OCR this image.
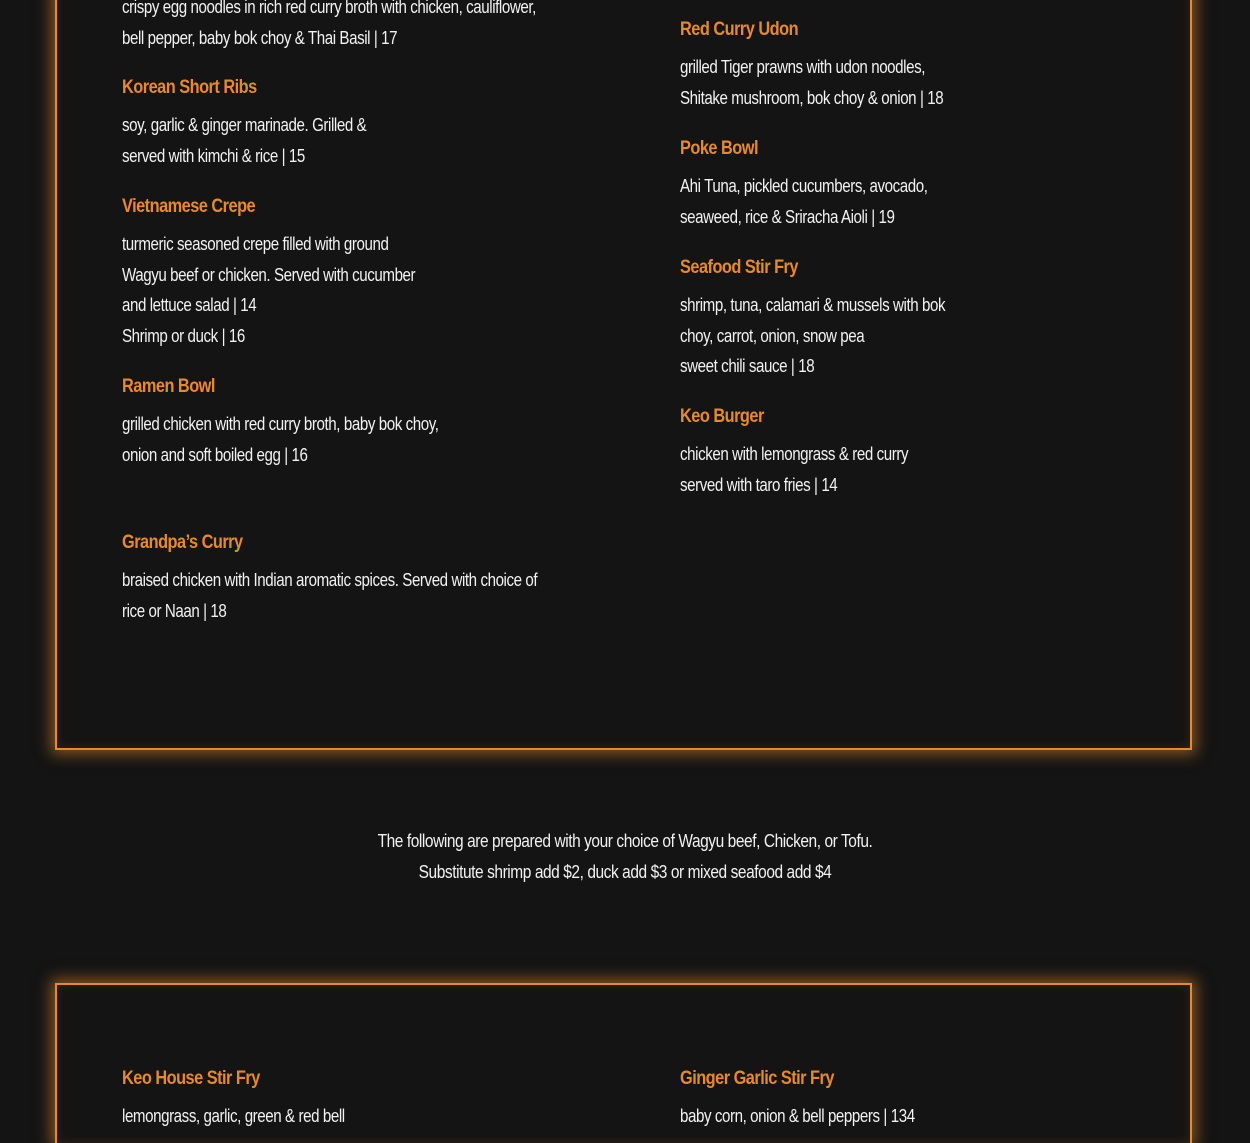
crispy egg noodles in rich red curry broth with chicken, cauliflower,
bell pepper, baby bok choy & Thai Basil | 17
Korean Short Ribs
soy, garlic & ginger marinade. Grilled &
served with kimchi & rice | 15
Vietnamese Crepe
turmeric seasoned crepe filled with ground
Wagyu beef or chicken. Served with cucumber
and lettuce salad | 14
Shrimp or duck | 16
Ramen Bowl
grilled chicken with red curry broth, baby bok choy,
onion and soft boiled egg | 16
Grandpa’s Curry
braised chicken with Indian aromatic spices. Served with choice of
rice or Naan | 18
Red Curry Udon
grilled Tiger prawns with udon noodles,
Shitake mushroom, bok choy & onion | 18
Poke Bowl
Ahi Tuna, pickled cucumbers, avocado,
seaweed, rice & Sriracha Aioli | 19
Seafood Stir Fry
shrimp, tuna, calamari & mussels with bok
choy, carrot, onion, snow pea
sweet chili sauce | 18
Keo Burger
chicken with lemongrass & red curry
served with taro fries | 14
The following are prepared with your choice of Wagyu beef, Chicken, or Tofu.
Substitute shrimp add $2, duck add $3 or mixed seafood add $4
Keo House Stir Fry
lemongrass, garlic, green & red bell
Ginger Garlic Stir Fry
baby corn, onion & bell peppers | 134
